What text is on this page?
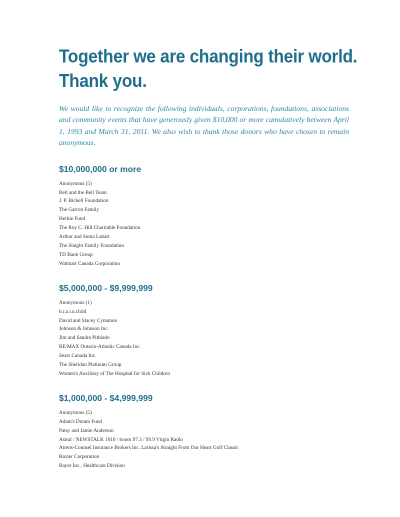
Together we are changing their world.
Thank you.

We would like to recognize the following individuals, corporations, foundations, associations and community events that have generously given $10,000 or more cumulatively between April 1, 1993 and March 31, 2011. We also wish to thank those donors who have chosen to remain anonymous.

$10,000,000 or more
Anonymous (5)
Bell and the Bell Team
J. P. Bickell Foundation
The Garron Family
Herbie Fund
The Roy C. Hill Charitable Foundation
Arthur and Sonia Labatt
The Slaight Family Foundation
TD Bank Group
Walmart Canada Corporation
$5,000,000 - $9,999,999
Anonymous (1)
b.r.a.i.n.child
David and Stacey Cynamon
Johnson & Johnson Inc.
Jim and Sandra Pitblado
RE/MAX Ontario-Atlantic Canada Inc.
Sears Canada Inc.
The Sheridan Platinum Group
Women's Auxiliary of The Hospital for Sick Children
$1,000,000 - $4,999,999
Anonymous (5)
Adam's Dream Fund
Patsy and Jamie Anderson
Astral / NEWSTALK 1010 / boom 97.3 / 99.9 Virgin Radio
Atrens-Counsel Insurance Brokers Inc. Larissa's Straight From Our Heart Golf Classic
Baxter Corporation
Bayer Inc., Healthcare Division
